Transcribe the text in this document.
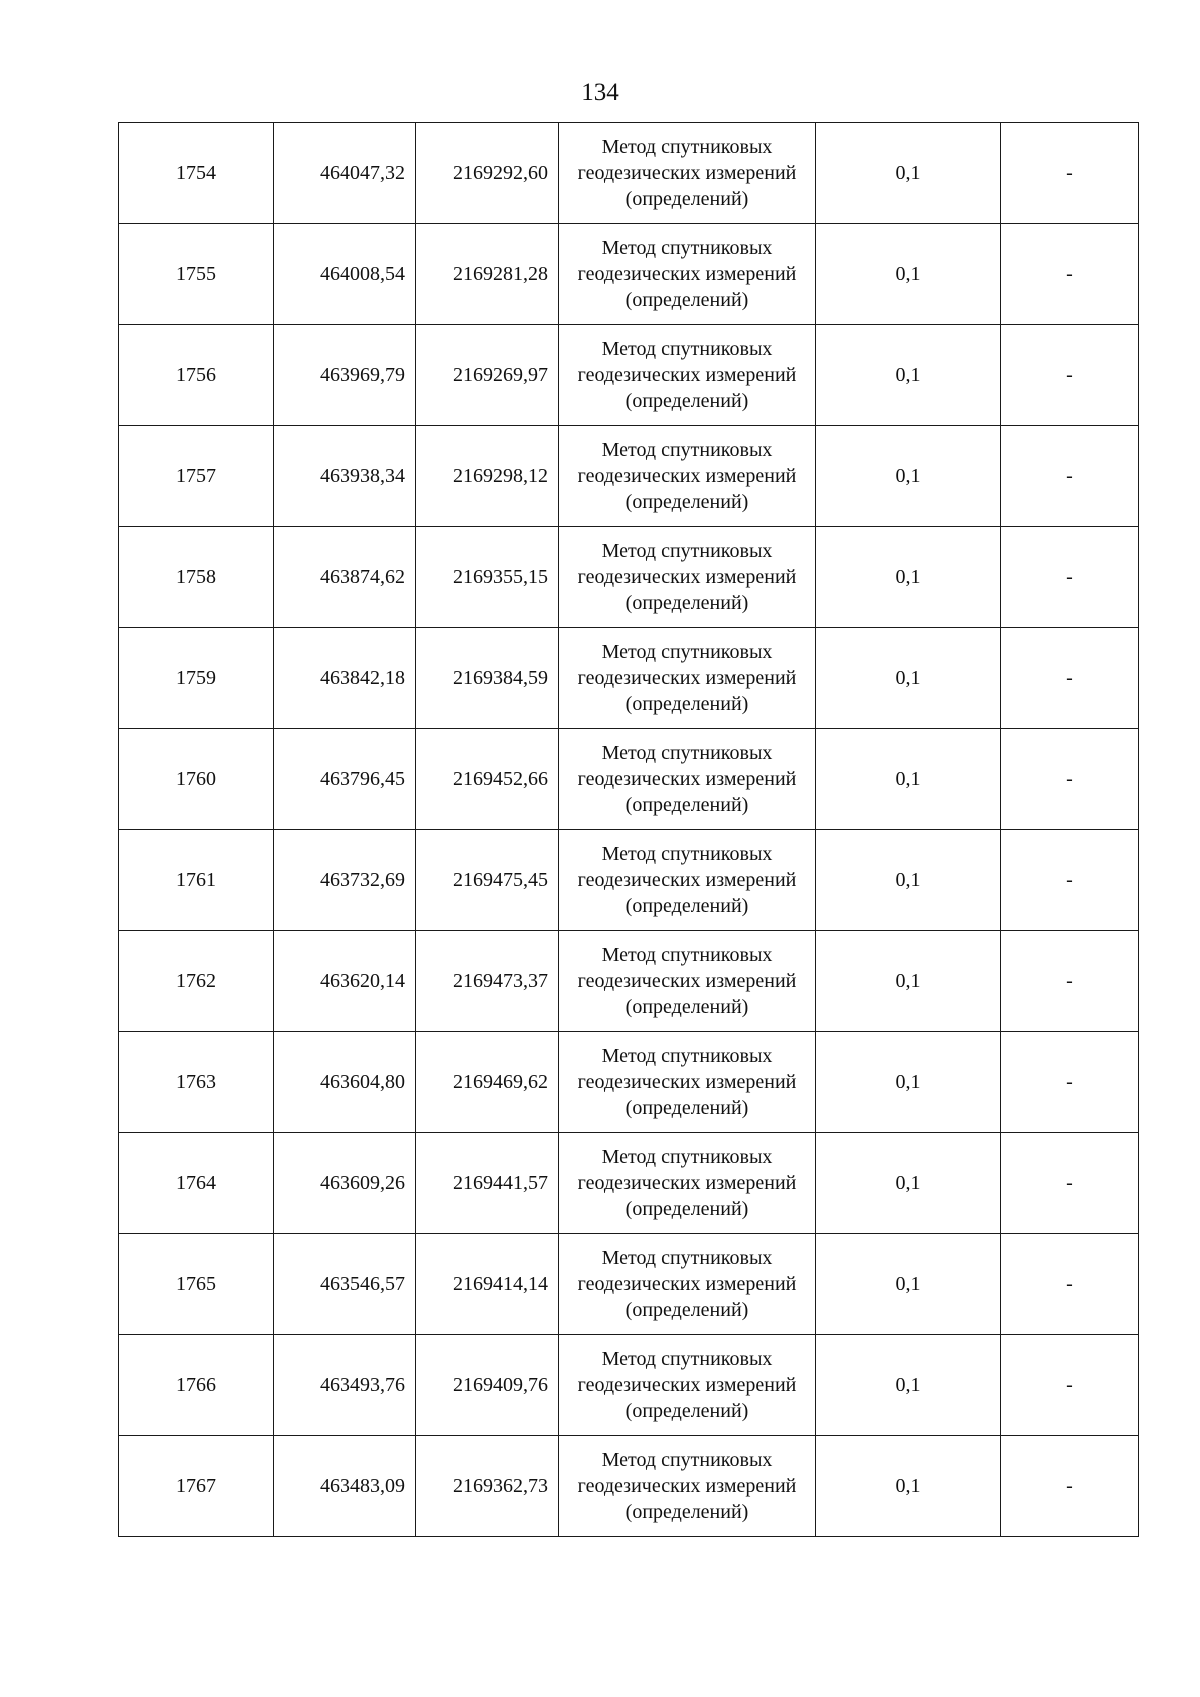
134
1754	464047,32	2169292,60	Метод спутниковых
геодезических измерений
(определений)	0,1	-
1755	464008,54	2169281,28	Метод спутниковых
геодезических измерений
(определений)	0,1	-
1756	463969,79	2169269,97	Метод спутниковых
геодезических измерений
(определений)	0,1	-
1757	463938,34	2169298,12	Метод спутниковых
геодезических измерений
(определений)	0,1	-
1758	463874,62	2169355,15	Метод спутниковых
геодезических измерений
(определений)	0,1	-
1759	463842,18	2169384,59	Метод спутниковых
геодезических измерений
(определений)	0,1	-
1760	463796,45	2169452,66	Метод спутниковых
геодезических измерений
(определений)	0,1	-
1761	463732,69	2169475,45	Метод спутниковых
геодезических измерений
(определений)	0,1	-
1762	463620,14	2169473,37	Метод спутниковых
геодезических измерений
(определений)	0,1	-
1763	463604,80	2169469,62	Метод спутниковых
геодезических измерений
(определений)	0,1	-
1764	463609,26	2169441,57	Метод спутниковых
геодезических измерений
(определений)	0,1	-
1765	463546,57	2169414,14	Метод спутниковых
геодезических измерений
(определений)	0,1	-
1766	463493,76	2169409,76	Метод спутниковых
геодезических измерений
(определений)	0,1	-
1767	463483,09	2169362,73	Метод спутниковых
геодезических измерений
(определений)	0,1	-
